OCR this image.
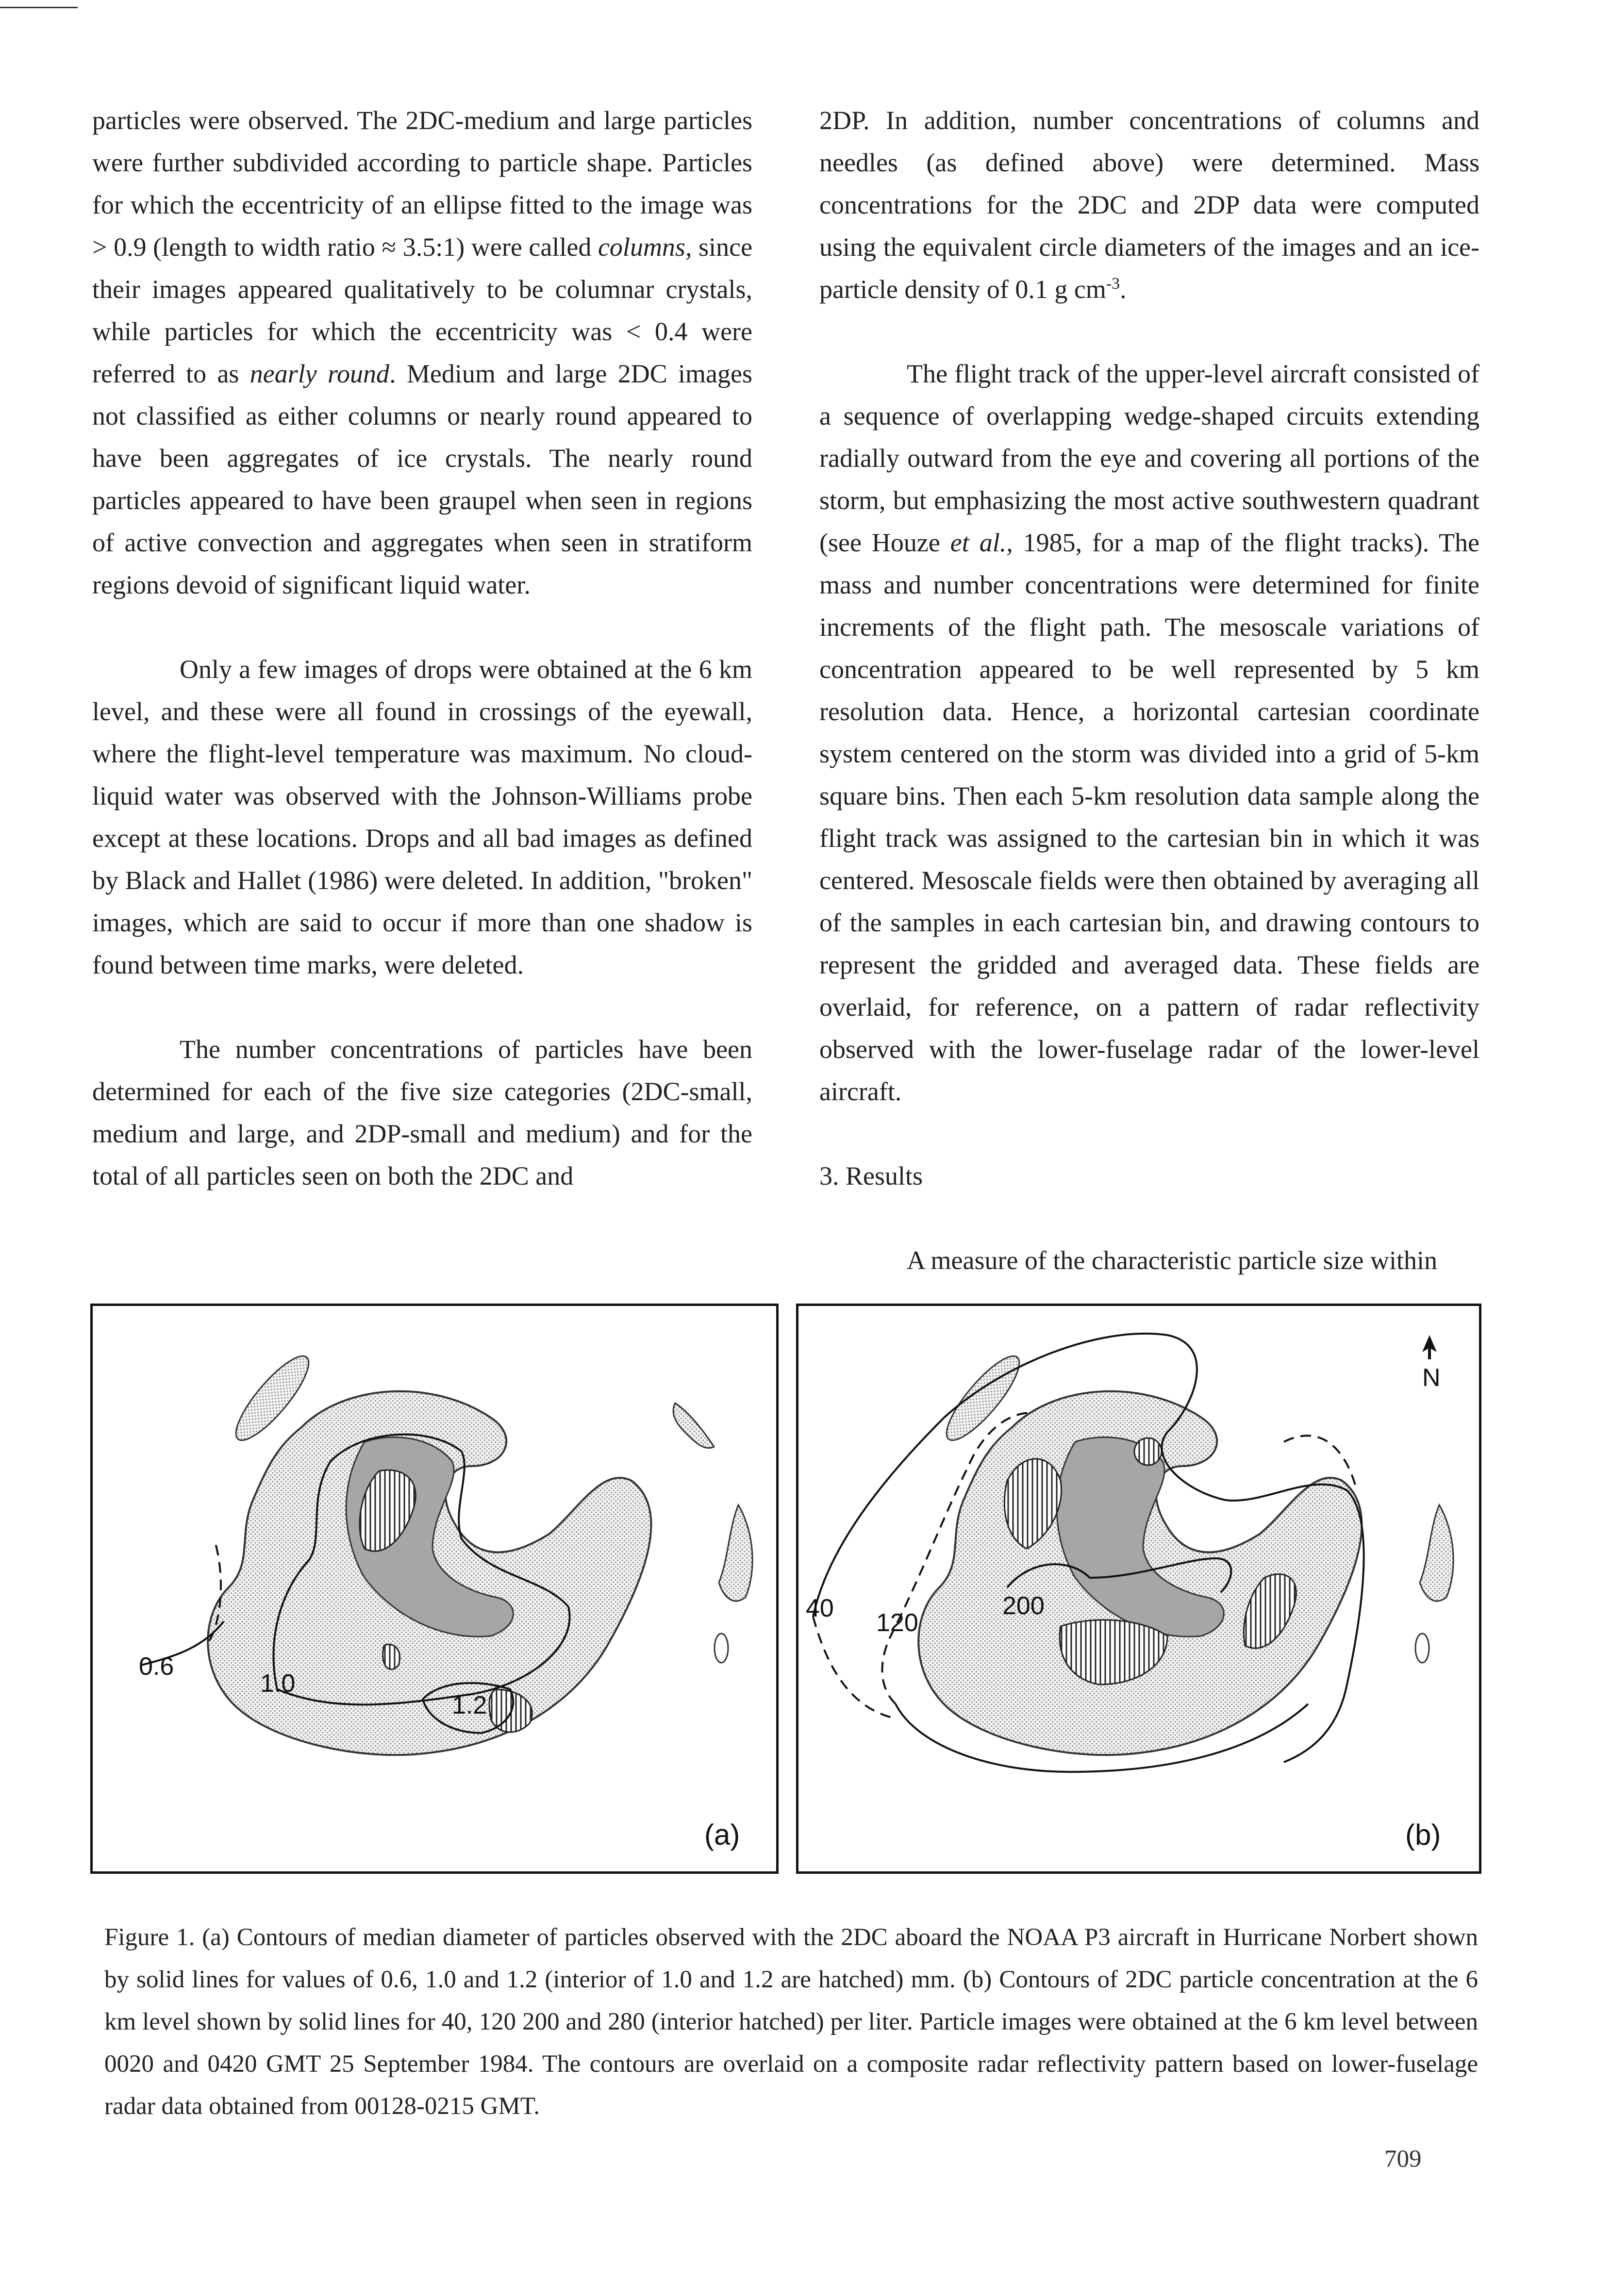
particles were observed. The 2DC-medium and large particles were further subdivided according to particle shape. Particles for which the eccentricity of an ellipse fitted to the image was > 0.9 (length to width ratio ≈ 3.5:1) were called columns, since their images appeared qualitatively to be columnar crystals, while particles for which the eccentricity was < 0.4 were referred to as nearly round. Medium and large 2DC images not classified as either columns or nearly round appeared to have been aggregates of ice crystals. The nearly round particles appeared to have been graupel when seen in regions of active convection and aggregates when seen in stratiform regions devoid of significant liquid water.

Only a few images of drops were obtained at the 6 km level, and these were all found in crossings of the eyewall, where the flight-level temperature was maximum. No cloud-liquid water was observed with the Johnson-Williams probe except at these locations. Drops and all bad images as defined by Black and Hallet (1986) were deleted. In addition, "broken" images, which are said to occur if more than one shadow is found between time marks, were deleted.

The number concentrations of particles have been determined for each of the five size categories (2DC-small, medium and large, and 2DP-small and medium) and for the total of all particles seen on both the 2DC and

2DP. In addition, number concentrations of columns and needles (as defined above) were determined. Mass concentrations for the 2DC and 2DP data were computed using the equivalent circle diameters of the images and an ice-particle density of 0.1 g $cm^{-3}$.

The flight track of the upper-level aircraft consisted of a sequence of overlapping wedge-shaped circuits extending radially outward from the eye and covering all portions of the storm, but emphasizing the most active southwestern quadrant (see Houze et al., 1985, for a map of the flight tracks). The mass and number concentrations were determined for finite increments of the flight path. The mesoscale variations of concentration appeared to be well represented by 5 km resolution data. Hence, a horizontal cartesian coordinate system centered on the storm was divided into a grid of 5-km square bins. Then each 5-km resolution data sample along the flight track was assigned to the cartesian bin in which it was centered. Mesoscale fields were then obtained by averaging all of the samples in each cartesian bin, and drawing contours to represent the gridded and averaged data. These fields are overlaid, for reference, on a pattern of radar reflectivity observed with the lower-fuselage radar of the lower-level aircraft.

3. Results

A measure of the characteristic particle size within

0.6
1.0
1.2
(a)
N
40
120
200
(b)

Figure 1. (a) Contours of median diameter of particles observed with the 2DC aboard the NOAA P3 aircraft in Hurricane Norbert shown by solid lines for values of 0.6, 1.0 and 1.2 (interior of 1.0 and 1.2 are hatched) mm. (b) Contours of 2DC particle concentration at the 6 km level shown by solid lines for 40, 120 200 and 280 (interior hatched) per liter. Particle images were obtained at the 6 km level between 0020 and 0420 GMT 25 September 1984. The contours are overlaid on a composite radar reflectivity pattern based on lower-fuselage radar data obtained from 00128-0215 GMT.

709
